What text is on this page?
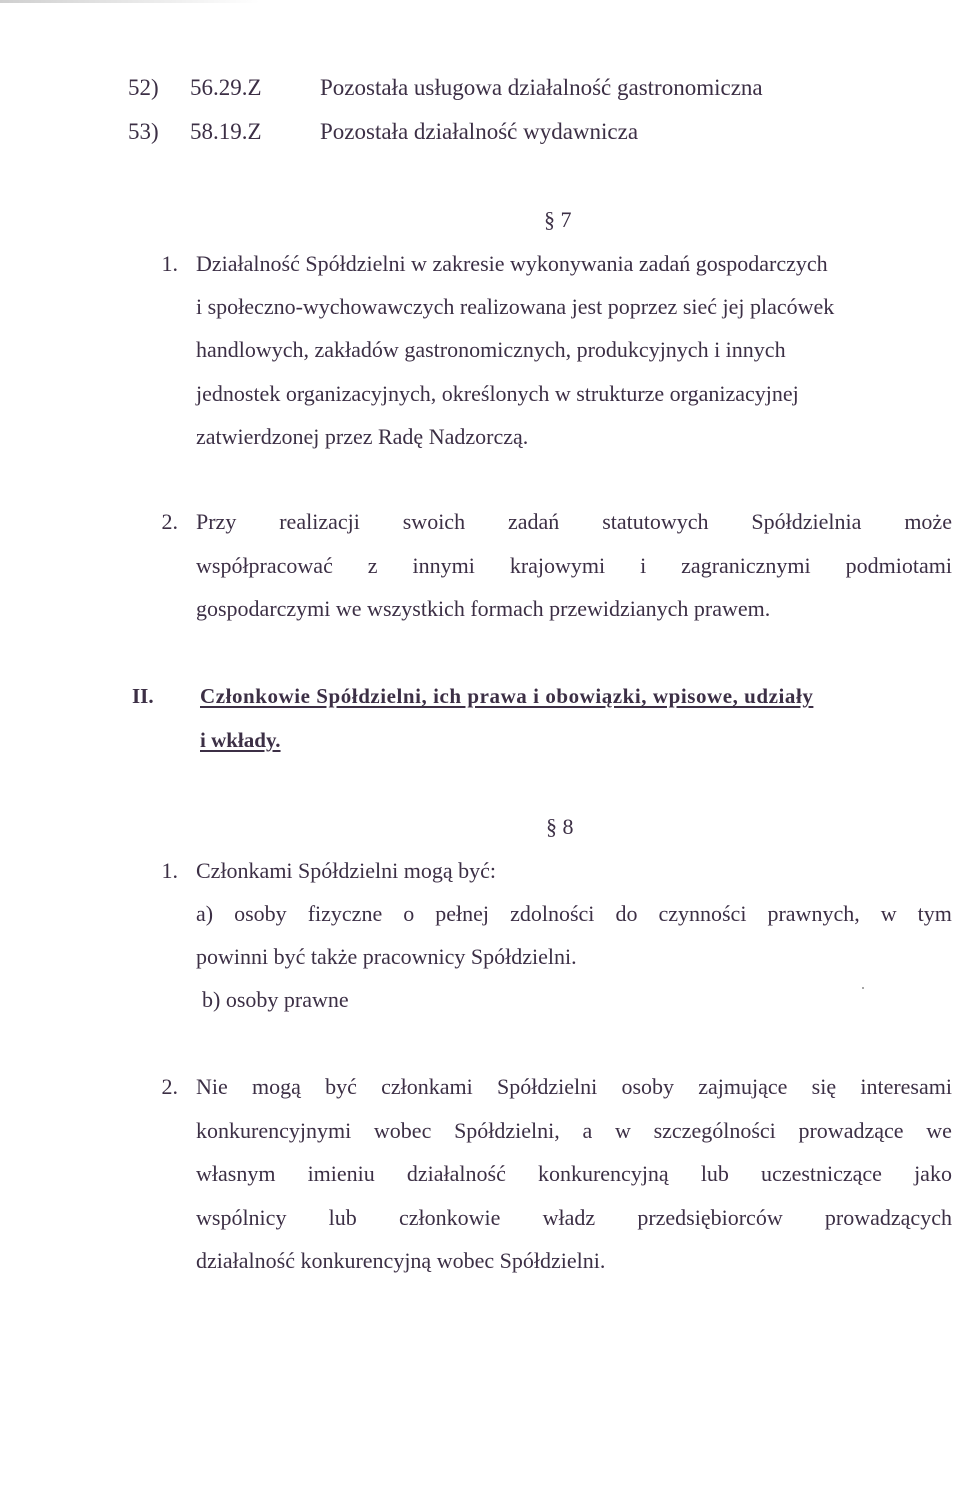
52) 56.29.Z	Pozostała usługowa działalność gastronomiczna
53) 58.19.Z	Pozostała działalność wydawnicza
§ 7
1. Działalność Spółdzielni w zakresie wykonywania zadań gospodarczych
i społeczno-wychowawczych realizowana jest poprzez sieć jej placówek
handlowych, zakładów gastronomicznych, produkcyjnych i innych
jednostek organizacyjnych, określonych w strukturze organizacyjnej
zatwierdzonej przez Radę Nadzorczą.
2. Przy realizacji swoich zadań statutowych Spółdzielnia może
współpracować z innymi krajowymi i zagranicznymi podmiotami
gospodarczymi we wszystkich formach przewidzianych prawem.
II. Członkowie Spółdzielni, ich prawa i obowiązki, wpisowe, udziały
i wkłady.
§ 8
1. Członkami Spółdzielni mogą być:
a) osoby fizyczne o pełnej zdolności do czynności prawnych, w tym
powinni być także pracownicy Spółdzielni.
b) osoby prawne
2. Nie mogą być członkami Spółdzielni osoby zajmujące się interesami
konkurencyjnymi wobec Spółdzielni, a w szczególności prowadzące we
własnym imieniu działalność konkurencyjną lub uczestniczące jako
wspólnicy lub członkowie władz przedsiębiorców prowadzących
działalność konkurencyjną wobec Spółdzielni.
